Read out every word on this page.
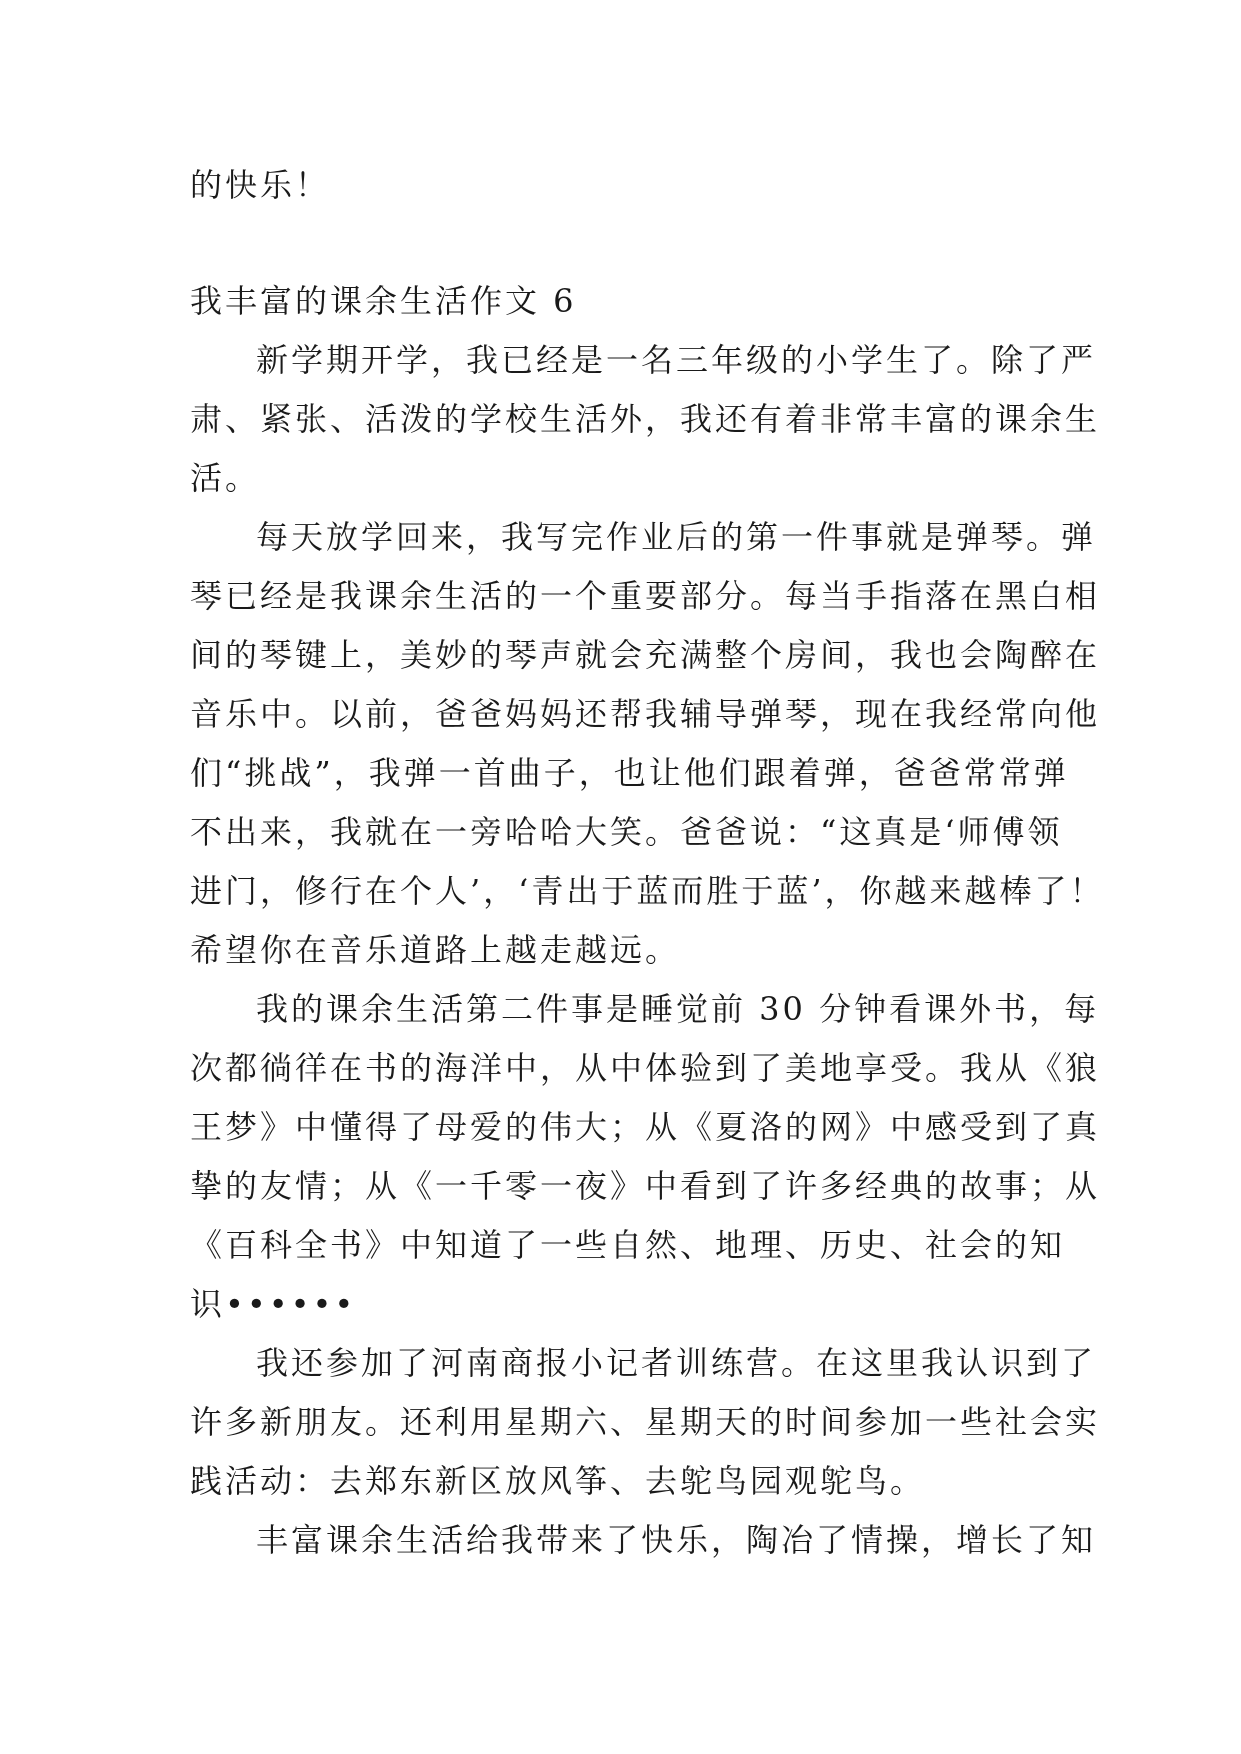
的快乐！
我丰富的课余生活作文 6
新学期开学，我已经是一名三年级的小学生了。除了严
肃、紧张、活泼的学校生活外，我还有着非常丰富的课余生
活。
每天放学回来，我写完作业后的第一件事就是弹琴。弹
琴已经是我课余生活的一个重要部分。每当手指落在黑白相
间的琴键上，美妙的琴声就会充满整个房间，我也会陶醉在
音乐中。以前，爸爸妈妈还帮我辅导弹琴，现在我经常向他
们“挑战”，我弹一首曲子，也让他们跟着弹，爸爸常常弹
不出来，我就在一旁哈哈大笑。爸爸说：“这真是‘师傅领
进门，修行在个人’，‘青出于蓝而胜于蓝’，你越来越棒了！
希望你在音乐道路上越走越远。
我的课余生活第二件事是睡觉前 30 分钟看课外书，每
次都徜徉在书的海洋中，从中体验到了美地享受。我从《狼
王梦》中懂得了母爱的伟大；从《夏洛的网》中感受到了真
挚的友情；从《一千零一夜》中看到了许多经典的故事；从
《百科全书》中知道了一些自然、地理、历史、社会的知
识••••••
我还参加了河南商报小记者训练营。在这里我认识到了
许多新朋友。还利用星期六、星期天的时间参加一些社会实
践活动：去郑东新区放风筝、去鸵鸟园观鸵鸟。
丰富课余生活给我带来了快乐，陶冶了情操，增长了知
